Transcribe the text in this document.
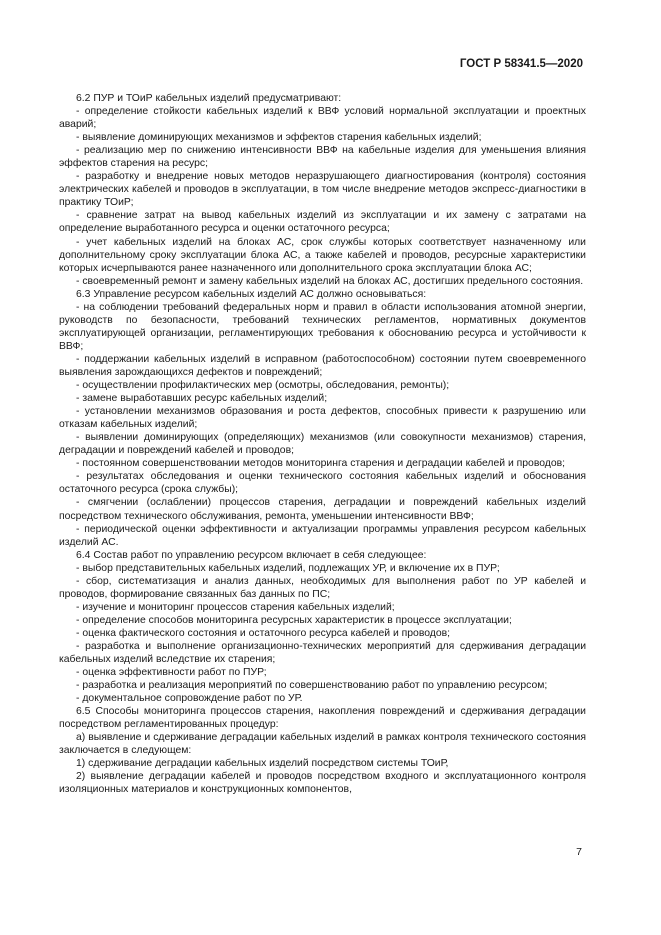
ГОСТ Р 58341.5—2020

6.2 ПУР и ТОиР кабельных изделий предусматривают:

- определение стойкости кабельных изделий к ВВФ условий нормальной эксплуатации и проектных аварий;

- выявление доминирующих механизмов и эффектов старения кабельных изделий;

- реализацию мер по снижению интенсивности ВВФ на кабельные изделия для уменьшения влияния эффектов старения на ресурс;

- разработку и внедрение новых методов неразрушающего диагностирования (контроля) состояния электрических кабелей и проводов в эксплуатации, в том числе внедрение методов экспресс-диагностики в практику ТОиР;

- сравнение затрат на вывод кабельных изделий из эксплуатации и их замену с затратами на определение выработанного ресурса и оценки остаточного ресурса;

- учет кабельных изделий на блоках АС, срок службы которых соответствует назначенному или дополнительному сроку эксплуатации блока АС, а также кабелей и проводов, ресурсные характеристики которых исчерпываются ранее назначенного или дополнительного срока эксплуатации блока АС;

- своевременный ремонт и замену кабельных изделий на блоках АС, достигших предельного состояния.

6.3 Управление ресурсом кабельных изделий АС должно основываться:

- на соблюдении требований федеральных норм и правил в области использования атомной энергии, руководств по безопасности, требований технических регламентов, нормативных документов эксплуатирующей организации, регламентирующих требования к обоснованию ресурса и устойчивости к ВВФ;

- поддержании кабельных изделий в исправном (работоспособном) состоянии путем своевременного выявления зарождающихся дефектов и повреждений;

- осуществлении профилактических мер (осмотры, обследования, ремонты);

- замене выработавших ресурс кабельных изделий;

- установлении механизмов образования и роста дефектов, способных привести к разрушению или отказам кабельных изделий;

- выявлении доминирующих (определяющих) механизмов (или совокупности механизмов) старения, деградации и повреждений кабелей и проводов;

- постоянном совершенствовании методов мониторинга старения и деградации кабелей и проводов;

- результатах обследования и оценки технического состояния кабельных изделий и обоснования остаточного ресурса (срока службы);

- смягчении (ослаблении) процессов старения, деградации и повреждений кабельных изделий посредством технического обслуживания, ремонта, уменьшении интенсивности ВВФ;

- периодической оценки эффективности и актуализации программы управления ресурсом кабельных изделий АС.

6.4 Состав работ по управлению ресурсом включает в себя следующее:

- выбор представительных кабельных изделий, подлежащих УР, и включение их в ПУР;

- сбор, систематизация и анализ данных, необходимых для выполнения работ по УР кабелей и проводов, формирование связанных баз данных по ПС;

- изучение и мониторинг процессов старения кабельных изделий;

- определение способов мониторинга ресурсных характеристик в процессе эксплуатации;

- оценка фактического состояния и остаточного ресурса кабелей и проводов;

- разработка и выполнение организационно-технических мероприятий для сдерживания деградации кабельных изделий вследствие их старения;

- оценка эффективности работ по ПУР;

- разработка и реализация мероприятий по совершенствованию работ по управлению ресурсом;

- документальное сопровождение работ по УР.

6.5 Способы мониторинга процессов старения, накопления повреждений и сдерживания деградации посредством регламентированных процедур:

а) выявление и сдерживание деградации кабельных изделий в рамках контроля технического состояния заключается в следующем:

1) сдерживание деградации кабельных изделий посредством системы ТОиР,

2) выявление деградации кабелей и проводов посредством входного и эксплуатационного контроля изоляционных материалов и конструкционных компонентов,

7
